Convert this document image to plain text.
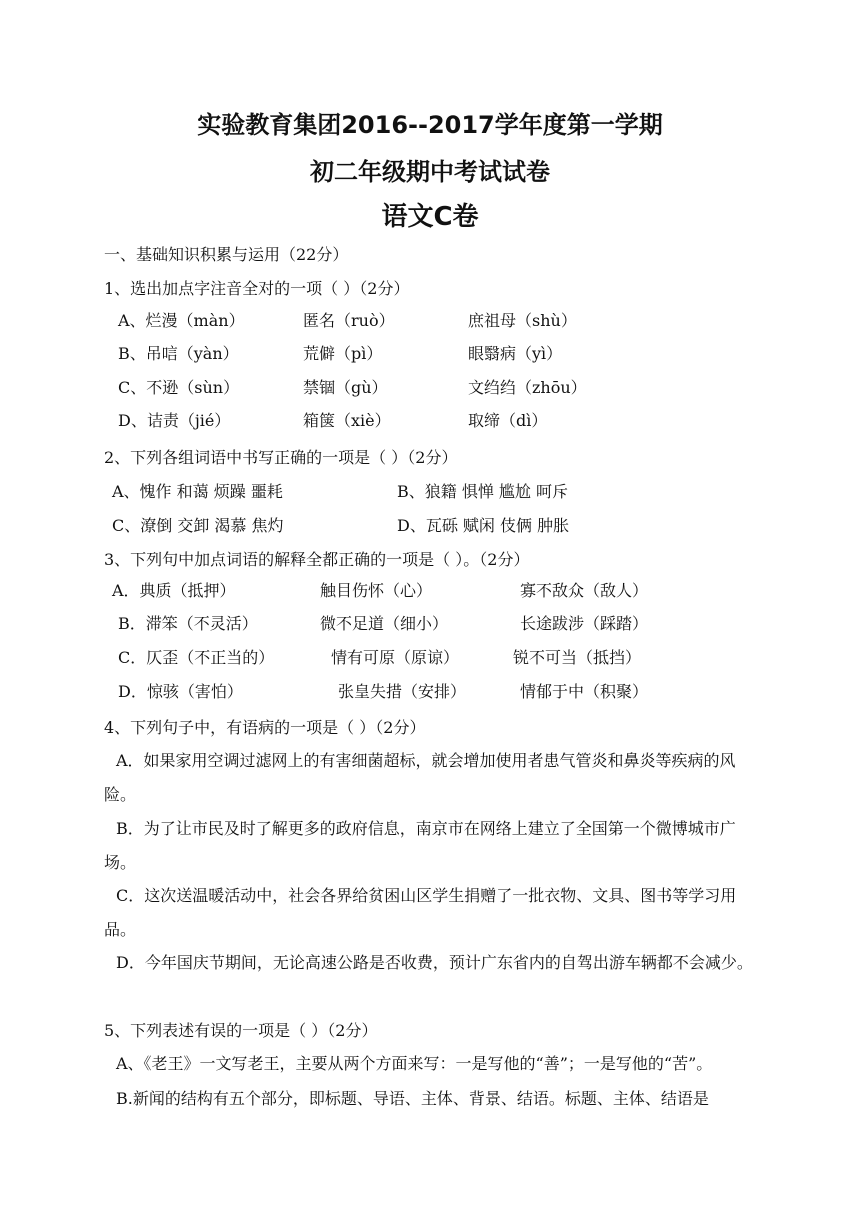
实验教育集团2016--2017学年度第一学期
初二年级期中考试试卷
语文C卷
一、基础知识积累与运用（22分）
1、选出加点字注音全对的一项（ ）（2分）
A、烂漫（màn）	匿名（ruò）	庶祖母（shù）
B、吊唁（yàn）	荒僻（pì）	眼翳病（yì）
C、不逊（sùn）	禁锢（gù）	文绉绉（zhōu）
D、诘责（jié）	箱箧（xiè）	取缔（dì）
2、下列各组词语中书写正确的一项是（ ）（2分）
A、愧作 和蔼 烦躁 噩耗	B、狼籍 惧惮 尴尬 呵斥
C、潦倒 交卸 渴慕 焦灼	D、瓦砾 赋闲 伎俩 肿胀
3、下列句中加点词语的解释全都正确的一项是（ ）。（2分）
A．典质（抵押）	触目伤怀（心）	寡不敌众（敌人）
B．滞笨（不灵活）	微不足道（细小）	长途跋涉（踩踏）
C．仄歪（不正当的）	情有可原（原谅）	锐不可当（抵挡）
D．惊骇（害怕）	张皇失措（安排）	情郁于中（积聚）
4、下列句子中，有语病的一项是（ ）（2分）

A．如果家用空调过滤网上的有害细菌超标，就会增加使用者患气管炎和鼻炎等疾病的风险。

B．为了让市民及时了解更多的政府信息，南京市在网络上建立了全国第一个微博城市广场。

C．这次送温暖活动中，社会各界给贫困山区学生捐赠了一批衣物、文具、图书等学习用品。

D．今年国庆节期间，无论高速公路是否收费，预计广东省内的自驾出游车辆都不会减少。

5、下列表述有误的一项是（ ）（2分）
A、《老王》一文写老王，主要从两个方面来写：一是写他的“善”；一是写他的“苦”。
B.新闻的结构有五个部分，即标题、导语、主体、背景、结语。标题、主体、结语是
